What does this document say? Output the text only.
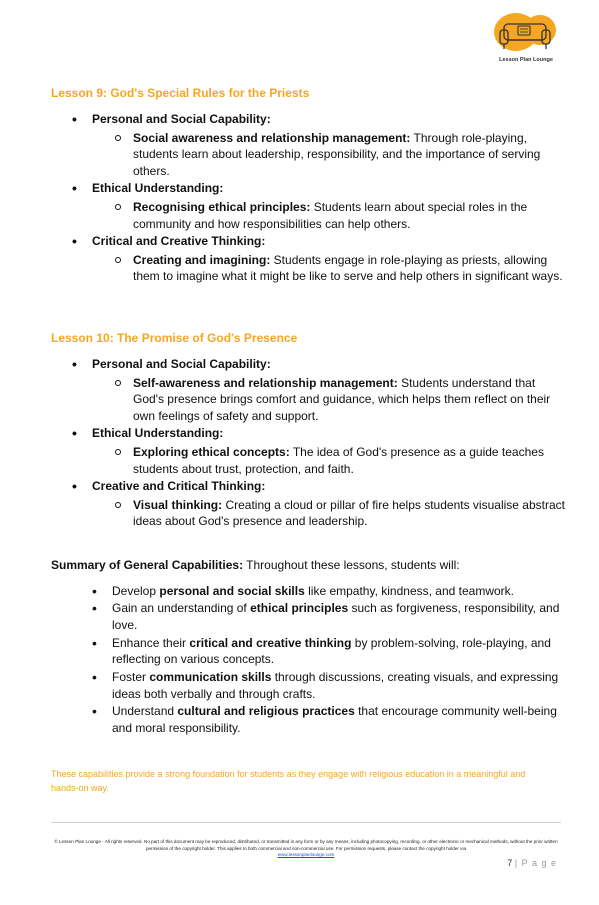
Lesson Plan Lounge
Lesson 9: God's Special Rules for the Priests
• Personal and Social Capability:
Social awareness and relationship management: Through role-playing, students learn about leadership, responsibility, and the importance of serving others.
• Ethical Understanding:
Recognising ethical principles: Students learn about special roles in the community and how responsibilities can help others.
• Critical and Creative Thinking:
Creating and imagining: Students engage in role-playing as priests, allowing them to imagine what it might be like to serve and help others in significant ways.
Lesson 10: The Promise of God's Presence
• Personal and Social Capability:
Self-awareness and relationship management: Students understand that God's presence brings comfort and guidance, which helps them reflect on their own feelings of safety and support.
• Ethical Understanding:
Exploring ethical concepts: The idea of God's presence as a guide teaches students about trust, protection, and faith.
• Creative and Critical Thinking:
Visual thinking: Creating a cloud or pillar of fire helps students visualise abstract ideas about God's presence and leadership.
Summary of General Capabilities: Throughout these lessons, students will:
• Develop personal and social skills like empathy, kindness, and teamwork.
• Gain an understanding of ethical principles such as forgiveness, responsibility, and love.
• Enhance their critical and creative thinking by problem-solving, role-playing, and reflecting on various concepts.
• Foster communication skills through discussions, creating visuals, and expressing ideas both verbally and through crafts.
• Understand cultural and religious practices that encourage community well-being and moral responsibility.
These capabilities provide a strong foundation for students as they engage with religious education in a meaningful and hands-on way.
© Lesson Plan Lounge - All rights reserved. No part of this document may be reproduced, distributed, or transmitted in any form or by any means, including photocopying, recording, or other electronic or mechanical methods, without the prior written permission of the copyright holder. This applies to both commercial and non-commercial use. For permission requests, please contact the copyright holder via
www.lessonplanlounge.com
7 | P a g e
